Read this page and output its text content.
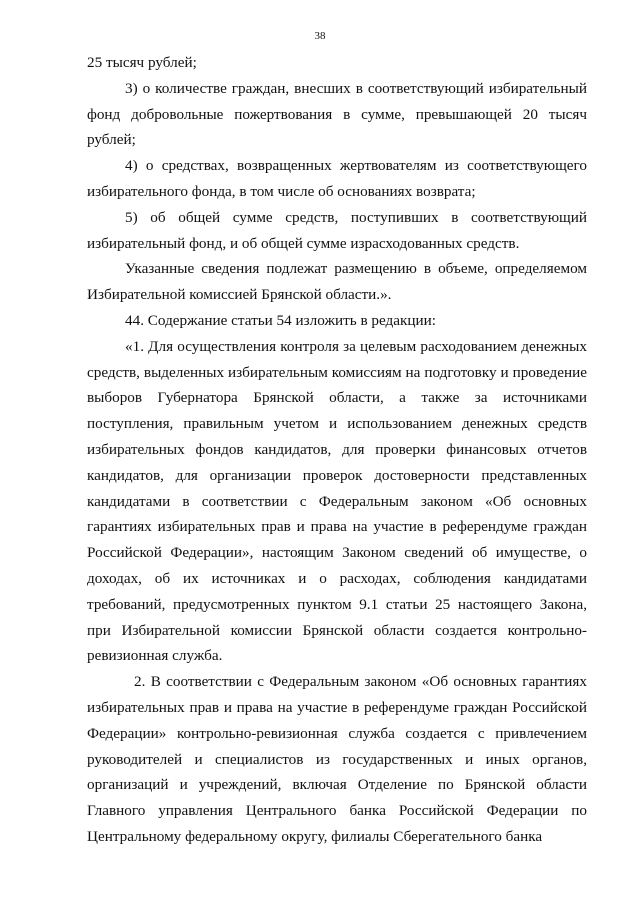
38

25 тысяч рублей;

3) о количестве граждан, внесших в соответствующий избирательный фонд добровольные пожертвования в сумме, превышающей 20 тысяч рублей;

4) о средствах, возвращенных жертвователям из соответствующего избирательного фонда, в том числе об основаниях возврата;

5) об общей сумме средств, поступивших в соответствующий избирательный фонд, и об общей сумме израсходованных средств.

Указанные сведения подлежат размещению в объеме, определяемом Избирательной комиссией Брянской области.».

44. Содержание статьи 54 изложить в редакции:

«1. Для осуществления контроля за целевым расходованием денежных средств, выделенных избирательным комиссиям на подготовку и проведение выборов Губернатора Брянской области, а также за источниками поступления, правильным учетом и использованием денежных средств избирательных фондов кандидатов, для проверки финансовых отчетов кандидатов, для организации проверок достоверности представленных кандидатами в соответствии с Федеральным законом «Об основных гарантиях избирательных прав и права на участие в референдуме граждан Российской Федерации», настоящим Законом сведений об имуществе, о доходах, об их источниках и о расходах, соблюдения кандидатами требований, предусмотренных пунктом 9.1 статьи 25 настоящего Закона, при Избирательной комиссии Брянской области создается контрольно-ревизионная служба.

2. В соответствии с Федеральным законом «Об основных гарантиях избирательных прав и права на участие в референдуме граждан Российской Федерации» контрольно-ревизионная служба создается с привлечением руководителей и специалистов из государственных и иных органов, организаций и учреждений, включая Отделение по Брянской области Главного управления Центрального банка Российской Федерации по Центральному федеральному округу, филиалы Сберегательного банка
